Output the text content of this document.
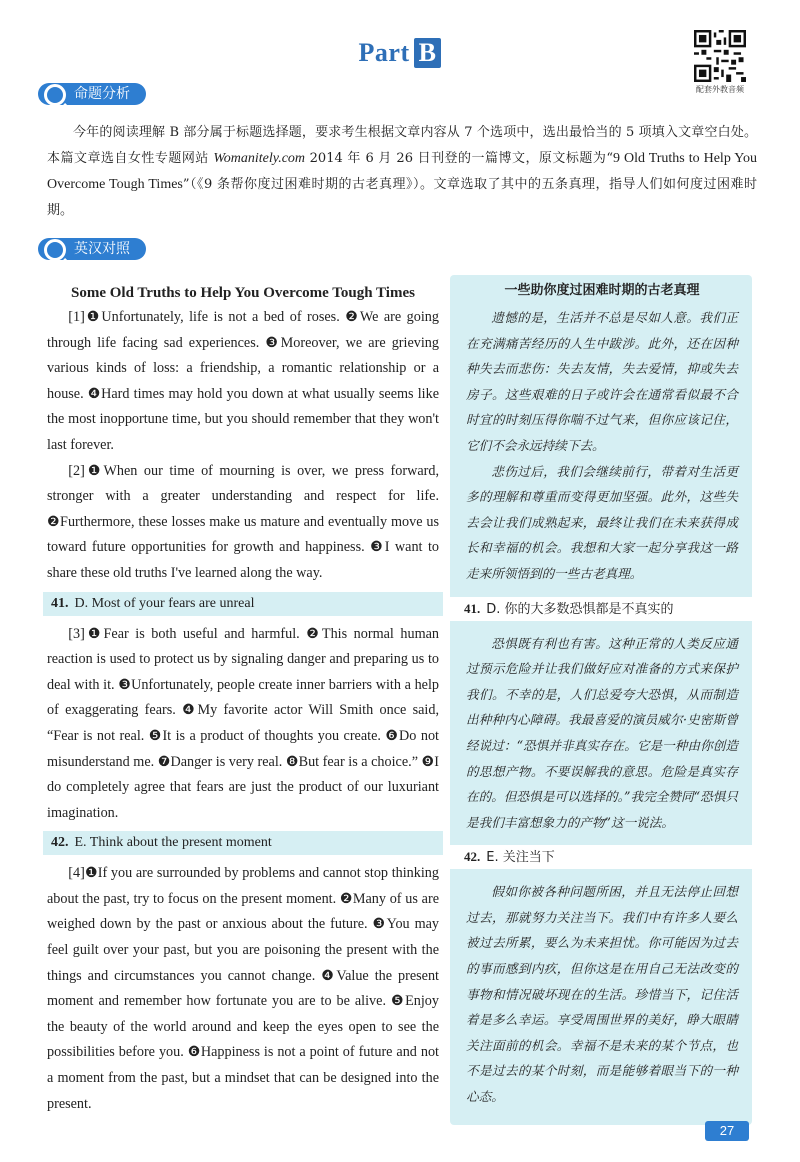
Part B
配套外教音频
命题分析

今年的阅读理解 B 部分属于标题选择题，要求考生根据文章内容从 7 个选项中，选出最恰当的 5 项填入文章空白处。本篇文章选自女性专题网站 Womanitely.com 2014 年 6 月 26 日刊登的一篇博文，原文标题为“9 Old Truths to Help You Overcome Tough Times”（《9 条帮你度过困难时期的古老真理》）。文章选取了其中的五条真理，指导人们如何度过困难时期。

英汉对照
Some Old Truths to Help You Overcome Tough Times

[1]❶Unfortunately, life is not a bed of roses. ❷We are going through life facing sad experiences. ❸Moreover, we are grieving various kinds of loss: a friendship, a romantic relationship or a house. ❹Hard times may hold you down at what usually seems like the most inopportune time, but you should remember that they won't last forever.

[2]❶When our time of mourning is over, we press forward, stronger with a greater understanding and respect for life. ❷Furthermore, these losses make us mature and eventually move us toward future opportunities for growth and happiness. ❸I want to share these old truths I've learned along the way.

41. D. Most of your fears are unreal

[3]❶Fear is both useful and harmful. ❷This normal human reaction is used to protect us by signaling danger and preparing us to deal with it. ❸Unfortunately, people create inner barriers with a help of exaggerating fears. ❹My favorite actor Will Smith once said, “Fear is not real. ❺It is a product of thoughts you create. ❻Do not misunderstand me. ❼Danger is very real. ❽But fear is a choice.” ❾I do completely agree that fears are just the product of our luxuriant imagination.

42. E. Think about the present moment

[4]❶If you are surrounded by problems and cannot stop thinking about the past, try to focus on the present moment. ❷Many of us are weighed down by the past or anxious about the future. ❸You may feel guilt over your past, but you are poisoning the present with the things and circumstances you cannot change. ❹Value the present moment and remember how fortunate you are to be alive. ❺Enjoy the beauty of the world around and keep the eyes open to see the possibilities before you. ❻Happiness is not a point of future and not a moment from the past, but a mindset that can be designed into the present.

一些助你度过困难时期的古老真理

遗憾的是，生活并不总是尽如人意。我们正在充满痛苦经历的人生中跋涉。此外，还在因种种失去而悲伤：失去友情，失去爱情，抑或失去房子。这些艰难的日子或许会在通常看似最不合时宜的时刻压得你喘不过气来，但你应该记住，它们不会永远持续下去。

悲伤过后，我们会继续前行，带着对生活更多的理解和尊重而变得更加坚强。此外，这些失去会让我们成熟起来，最终让我们在未来获得成长和幸福的机会。我想和大家一起分享我这一路走来所领悟到的一些古老真理。

41. D. 你的大多数恐惧都是不真实的

恐惧既有利也有害。这种正常的人类反应通过预示危险并让我们做好应对准备的方式来保护我们。不幸的是，人们总爱夸大恐惧，从而制造出种种内心障碍。我最喜爱的演员威尔·史密斯曾经说过：“恐惧并非真实存在。它是一种由你创造的思想产物。不要误解我的意思。危险是真实存在的。但恐惧是可以选择的。”我完全赞同“恐惧只是我们丰富想象力的产物”这一说法。

42. E. 关注当下

假如你被各种问题所困，并且无法停止回想过去，那就努力关注当下。我们中有许多人要么被过去所累，要么为未来担忧。你可能因为过去的事而感到内疚，但你这是在用自己无法改变的事物和情况破坏现在的生活。珍惜当下，记住活着是多么幸运。享受周围世界的美好，睁大眼睛关注面前的机会。幸福不是未来的某个节点，也不是过去的某个时刻，而是能够着眼当下的一种心态。

27
